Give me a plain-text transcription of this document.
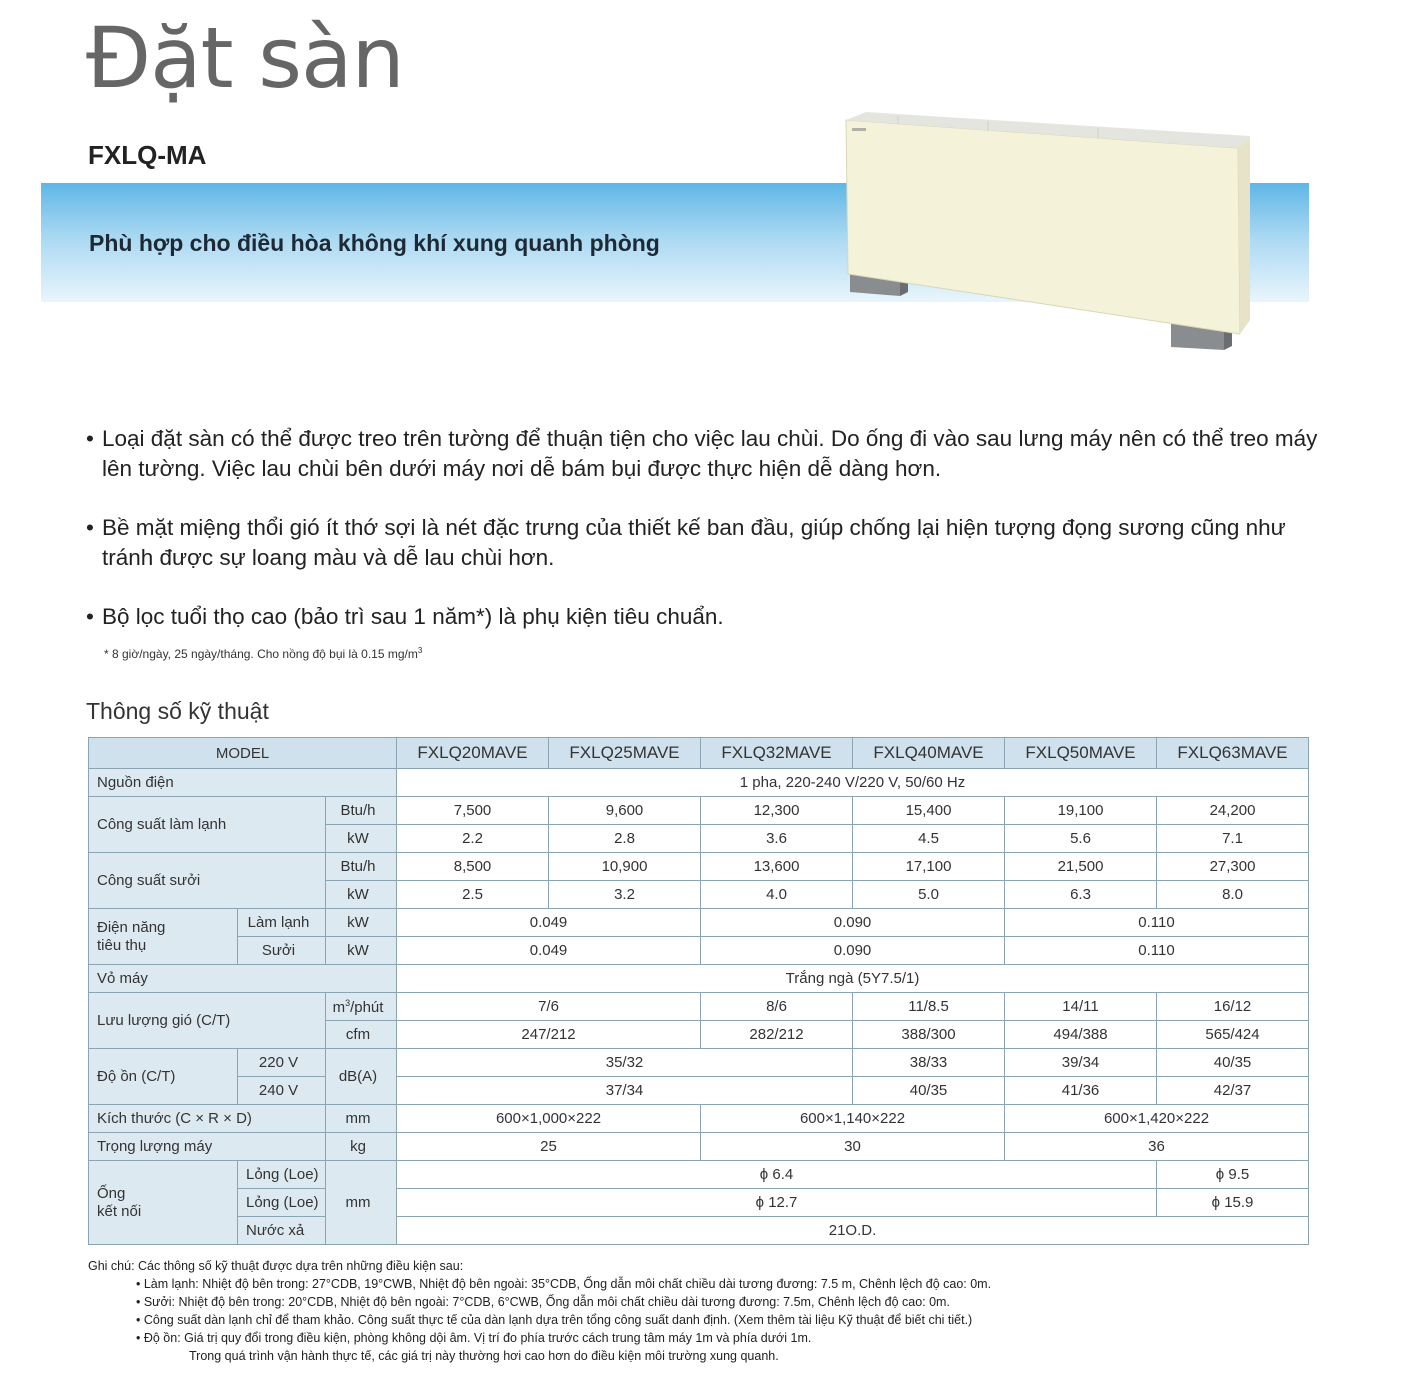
Đặt sàn
FXLQ-MA
Phù hợp cho điều hòa không khí xung quanh phòng
• Loại đặt sàn có thể được treo trên tường để thuận tiện cho việc lau chùi. Do ống đi vào sau lưng máy nên có thể treo máy lên tường. Việc lau chùi bên dưới máy nơi dễ bám bụi được thực hiện dễ dàng hơn.
• Bề mặt miệng thổi gió ít thớ sợi là nét đặc trưng của thiết kế ban đầu, giúp chống lại hiện tượng đọng sương cũng như tránh được sự loang màu và dễ lau chùi hơn.
• Bộ lọc tuổi thọ cao (bảo trì sau 1 năm*) là phụ kiện tiêu chuẩn.
* 8 giờ/ngày, 25 ngày/tháng. Cho nồng độ bụi là 0.15 $mg/m^3$
Thông số kỹ thuật
MODEL			FXLQ20MAVE	FXLQ25MAVE	FXLQ32MAVE	FXLQ40MAVE	FXLQ50MAVE	FXLQ63MAVE
Nguồn điện			1 pha, 220-240 V/220 V, 50/60 Hz					
Công suất làm lạnh		Btu/h	7,500	9,600	12,300	15,400	19,100	24,200
		kW	2.2	2.8	3.6	4.5	5.6	7.1
Công suất sưởi		Btu/h	8,500	10,900	13,600	17,100	21,500	27,300
		kW	2.5	3.2	4.0	5.0	6.3	8.0
Điện năng
tiêu thụ	Làm lạnh	kW	0.049		0.090		0.110	
	Sưởi	kW	0.049		0.090		0.110	
Vỏ máy			Trắng ngà (5Y7.5/1)					
Lưu lượng gió (C/T)		$m^3$/phút	7/6		8/6	11/8.5	14/11	16/12
		cfm	247/212		282/212	388/300	494/388	565/424
Độ ồn (C/T)	220 V	dB(A)	35/32			38/33	39/34	40/35
	240 V		37/34			40/35	41/36	42/37
Kích thước (C × R × D)		mm	600×1,000×222		600×1,140×222		600×1,420×222	
Trọng lượng máy		kg	25		30		36	
Ống
kết nối	Lỏng (Loe)	mm	ϕ 6.4					ϕ 9.5
	Lỏng (Loe)		ϕ 12.7					ϕ 15.9
	Nước xả		21O.D.					
Ghi chú: Các thông số kỹ thuật được dựa trên những điều kiện sau:
• Làm lạnh: Nhiệt độ bên trong: 27°CDB, 19°CWB, Nhiệt độ bên ngoài: 35°CDB, Ống dẫn môi chất chiều dài tương đương: 7.5 m, Chênh lệch độ cao: 0m.
• Sưởi: Nhiệt độ bên trong: 20°CDB, Nhiệt độ bên ngoài: 7°CDB, 6°CWB, Ống dẫn môi chất chiều dài tương đương: 7.5m, Chênh lệch độ cao: 0m.
• Công suất dàn lạnh chỉ để tham khảo. Công suất thực tế của dàn lạnh dựa trên tổng công suất danh định. (Xem thêm tài liệu Kỹ thuật để biết chi tiết.)
• Độ ồn: Giá trị quy đổi trong điều kiện, phòng không dội âm. Vị trí đo phía trước cách trung tâm máy 1m và phía dưới 1m.
Trong quá trình vận hành thực tế, các giá trị này thường hơi cao hơn do điều kiện môi trường xung quanh.
